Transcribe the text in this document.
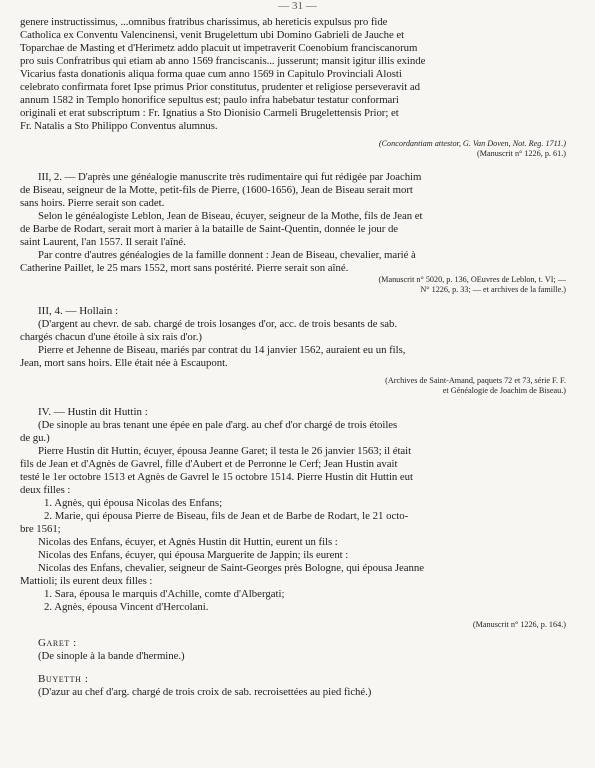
— 31 —

genere instructissimus, ...omnibus fratribus charissimus, ab hereticis expulsus pro fide

Catholica ex Conventu Valencinensi, venit Brugelettum ubi Domino Gabrieli de Jauche et

Toparchae de Masting et d'Herimetz addo placuit ut impetraverit Coenobium franciscanorum

pro suis Confratribus qui etiam ab anno 1569 franciscanis... jusserunt; mansit igitur illis exinde

Vicarius fasta donationis aliqua forma quae cum anno 1569 in Capitulo Provinciali Alosti

celebrato confirmata foret Ipse primus Prior constitutus, prudenter et religiose perseveravit ad

annum 1582 in Templo honorifice sepultus est; paulo infra habebatur testatur conformari

originali et erat subscriptum : Fr. Ignatius a Sto Dionisio Carmeli Brugelettensis Prior; et

Fr. Natalis a Sto Philippo Conventus alumnus.

(Concordantiam attestor, G. Van Doven, Not. Reg. 1711.)

(Manuscrit n° 1226, p. 61.)

III, 2. — D'après une généalogie manuscrite très rudimentaire qui fut rédigée par Joachim

de Biseau, seigneur de la Motte, petit-fils de Pierre, (1600-1656), Jean de Biseau serait mort

sans hoirs. Pierre serait son cadet.

Selon le généalogiste Leblon, Jean de Biseau, écuyer, seigneur de la Mothe, fils de Jean et

de Barbe de Rodart, serait mort à marier à la bataille de Saint-Quentin, donnée le jour de

saint Laurent, l'an 1557. Il serait l'aîné.

Par contre d'autres généalogies de la famille donnent : Jean de Biseau, chevalier, marié à

Catherine Paillet, le 25 mars 1552, mort sans postérité. Pierre serait son aîné.

(Manuscrit n° 5020, p. 136, OEuvres de Leblon, t. VI; —

N° 1226, p. 33; — et archives de la famille.)

III, 4. — Hollain :

(D'argent au chevr. de sab. chargé de trois losanges d'or, acc. de trois besants de sab.

chargés chacun d'une étoile à six rais d'or.)

Pierre et Jehenne de Biseau, mariés par contrat du 14 janvier 1562, auraient eu un fils,

Jean, mort sans hoirs. Elle était née à Escaupont.

(Archives de Saint-Amand, paquets 72 et 73, série F. F.

et Généalogie de Joachim de Biseau.)

IV. — Hustin dit Huttin :

(De sinople au bras tenant une épée en pale d'arg. au chef d'or chargé de trois étoiles

de gu.)

Pierre Hustin dit Huttin, écuyer, épousa Jeanne Garet; il testa le 26 janvier 1563; il était

fils de Jean et d'Agnès de Gavrel, fille d'Aubert et de Perronne le Cerf; Jean Hustin avait

testé le 1er octobre 1513 et Agnès de Gavrel le 15 octobre 1514. Pierre Hustin dit Huttin eut

deux filles :

1. Agnès, qui épousa Nicolas des Enfans;

2. Marie, qui épousa Pierre de Biseau, fils de Jean et de Barbe de Rodart, le 21 octo-

bre 1561;

Nicolas des Enfans, écuyer, et Agnès Hustin dit Huttin, eurent un fils :

Nicolas des Enfans, écuyer, qui épousa Marguerite de Jappin; ils eurent :

Nicolas des Enfans, chevalier, seigneur de Saint-Georges près Bologne, qui épousa Jeanne

Mattioli; ils eurent deux filles :

1. Sara, épousa le marquis d'Achille, comte d'Albergati;

2. Agnès, épousa Vincent d'Hercolani.

(Manuscrit n° 1226, p. 164.)

Garet :

(De sinople à la bande d'hermine.)

Buyetth :

(D'azur au chef d'arg. chargé de trois croix de sab. recroisettées au pied fiché.)
